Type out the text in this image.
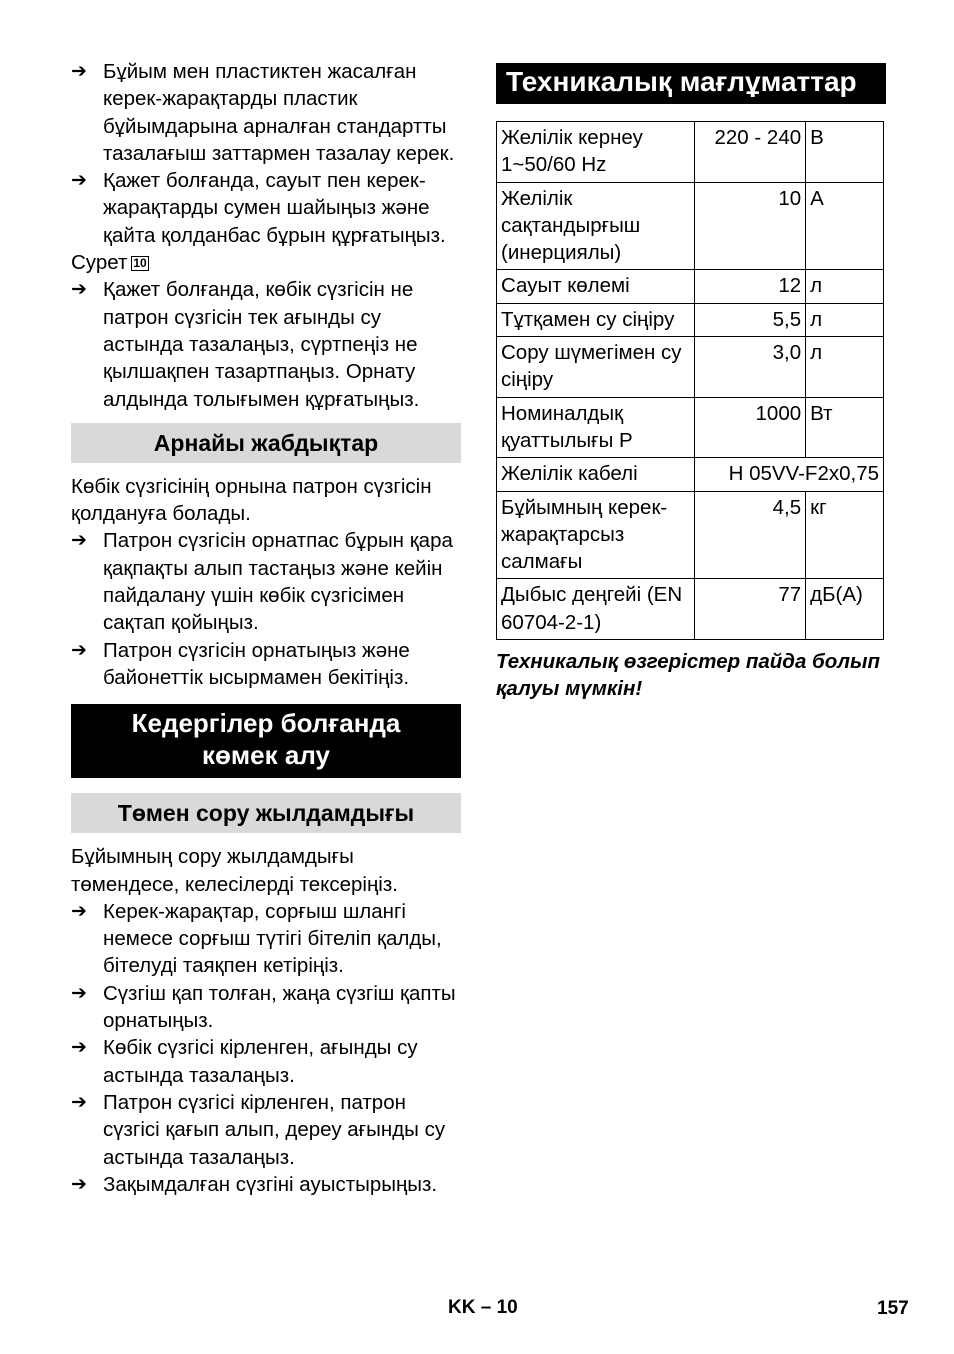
➔ Бұйым мен пластиктен жасалған керек-жарақтарды пластик бұйымдарына арналған стандартты тазалағыш заттармен тазалау керек.
➔ Қажет болғанда, сауыт пен керек-жарақтарды сумен шайыңыз және қайта қолданбас бұрын құрғатыңыз.

Сурет 10

➔ Қажет болғанда, көбік сүзгісін не патрон сүзгісін тек ағынды су астында тазалаңыз, сүртпеңіз не қылшақпен тазартпаңыз. Орнату алдында толығымен құрғатыңыз.
Арнайы жабдықтар

Көбік сүзгісінің орнына патрон сүзгісін қолдануға болады.

➔ Патрон сүзгісін орнатпас бұрын қара қақпақты алып тастаңыз және кейін пайдалану үшін көбік сүзгісімен сақтап қойыңыз.
➔ Патрон сүзгісін орнатыңыз және байонеттік ысырмамен бекітіңіз.
Кедергілер болғанда
көмек алу
Төмен сору жылдамдығы

Бұйымның сору жылдамдығы төмендесе, келесілерді тексеріңіз.

➔ Керек-жарақтар, сорғыш шлангі немесе сорғыш түтігі бітеліп қалды, бітелуді таяқпен кетіріңіз.
➔ Сүзгіш қап толған, жаңа сүзгіш қапты орнатыңыз.
➔ Көбік сүзгісі кірленген, ағынды су астында тазалаңыз.
➔ Патрон сүзгісі кірленген, патрон сүзгісі қағып алып, дереу ағынды су астында тазалаңыз.
➔ Зақымдалған сүзгіні ауыстырыңыз.
Техникалық мағлұматтар
Желілік кернеу 1~50/60 Hz	220 - 240	В
Желілік сақтандырғыш (инерциялы)	10	A
Сауыт көлемі	12	л
Тұтқамен су сіңіру	5,5	л
Сору шүмегімен су сіңіру	3,0	л
Номиналдық қуаттылығы Р	1000	Вт
Желілік кабелі	H 05VV-F2x0,75	
Бұйымның керек-жарақтарсыз салмағы	4,5	кг
Дыбыс деңгейі (EN 60704-2-1)	77	дБ(А)
Техникалық өзгерістер пайда болып қалуы мүмкін!
KK – 10	157
